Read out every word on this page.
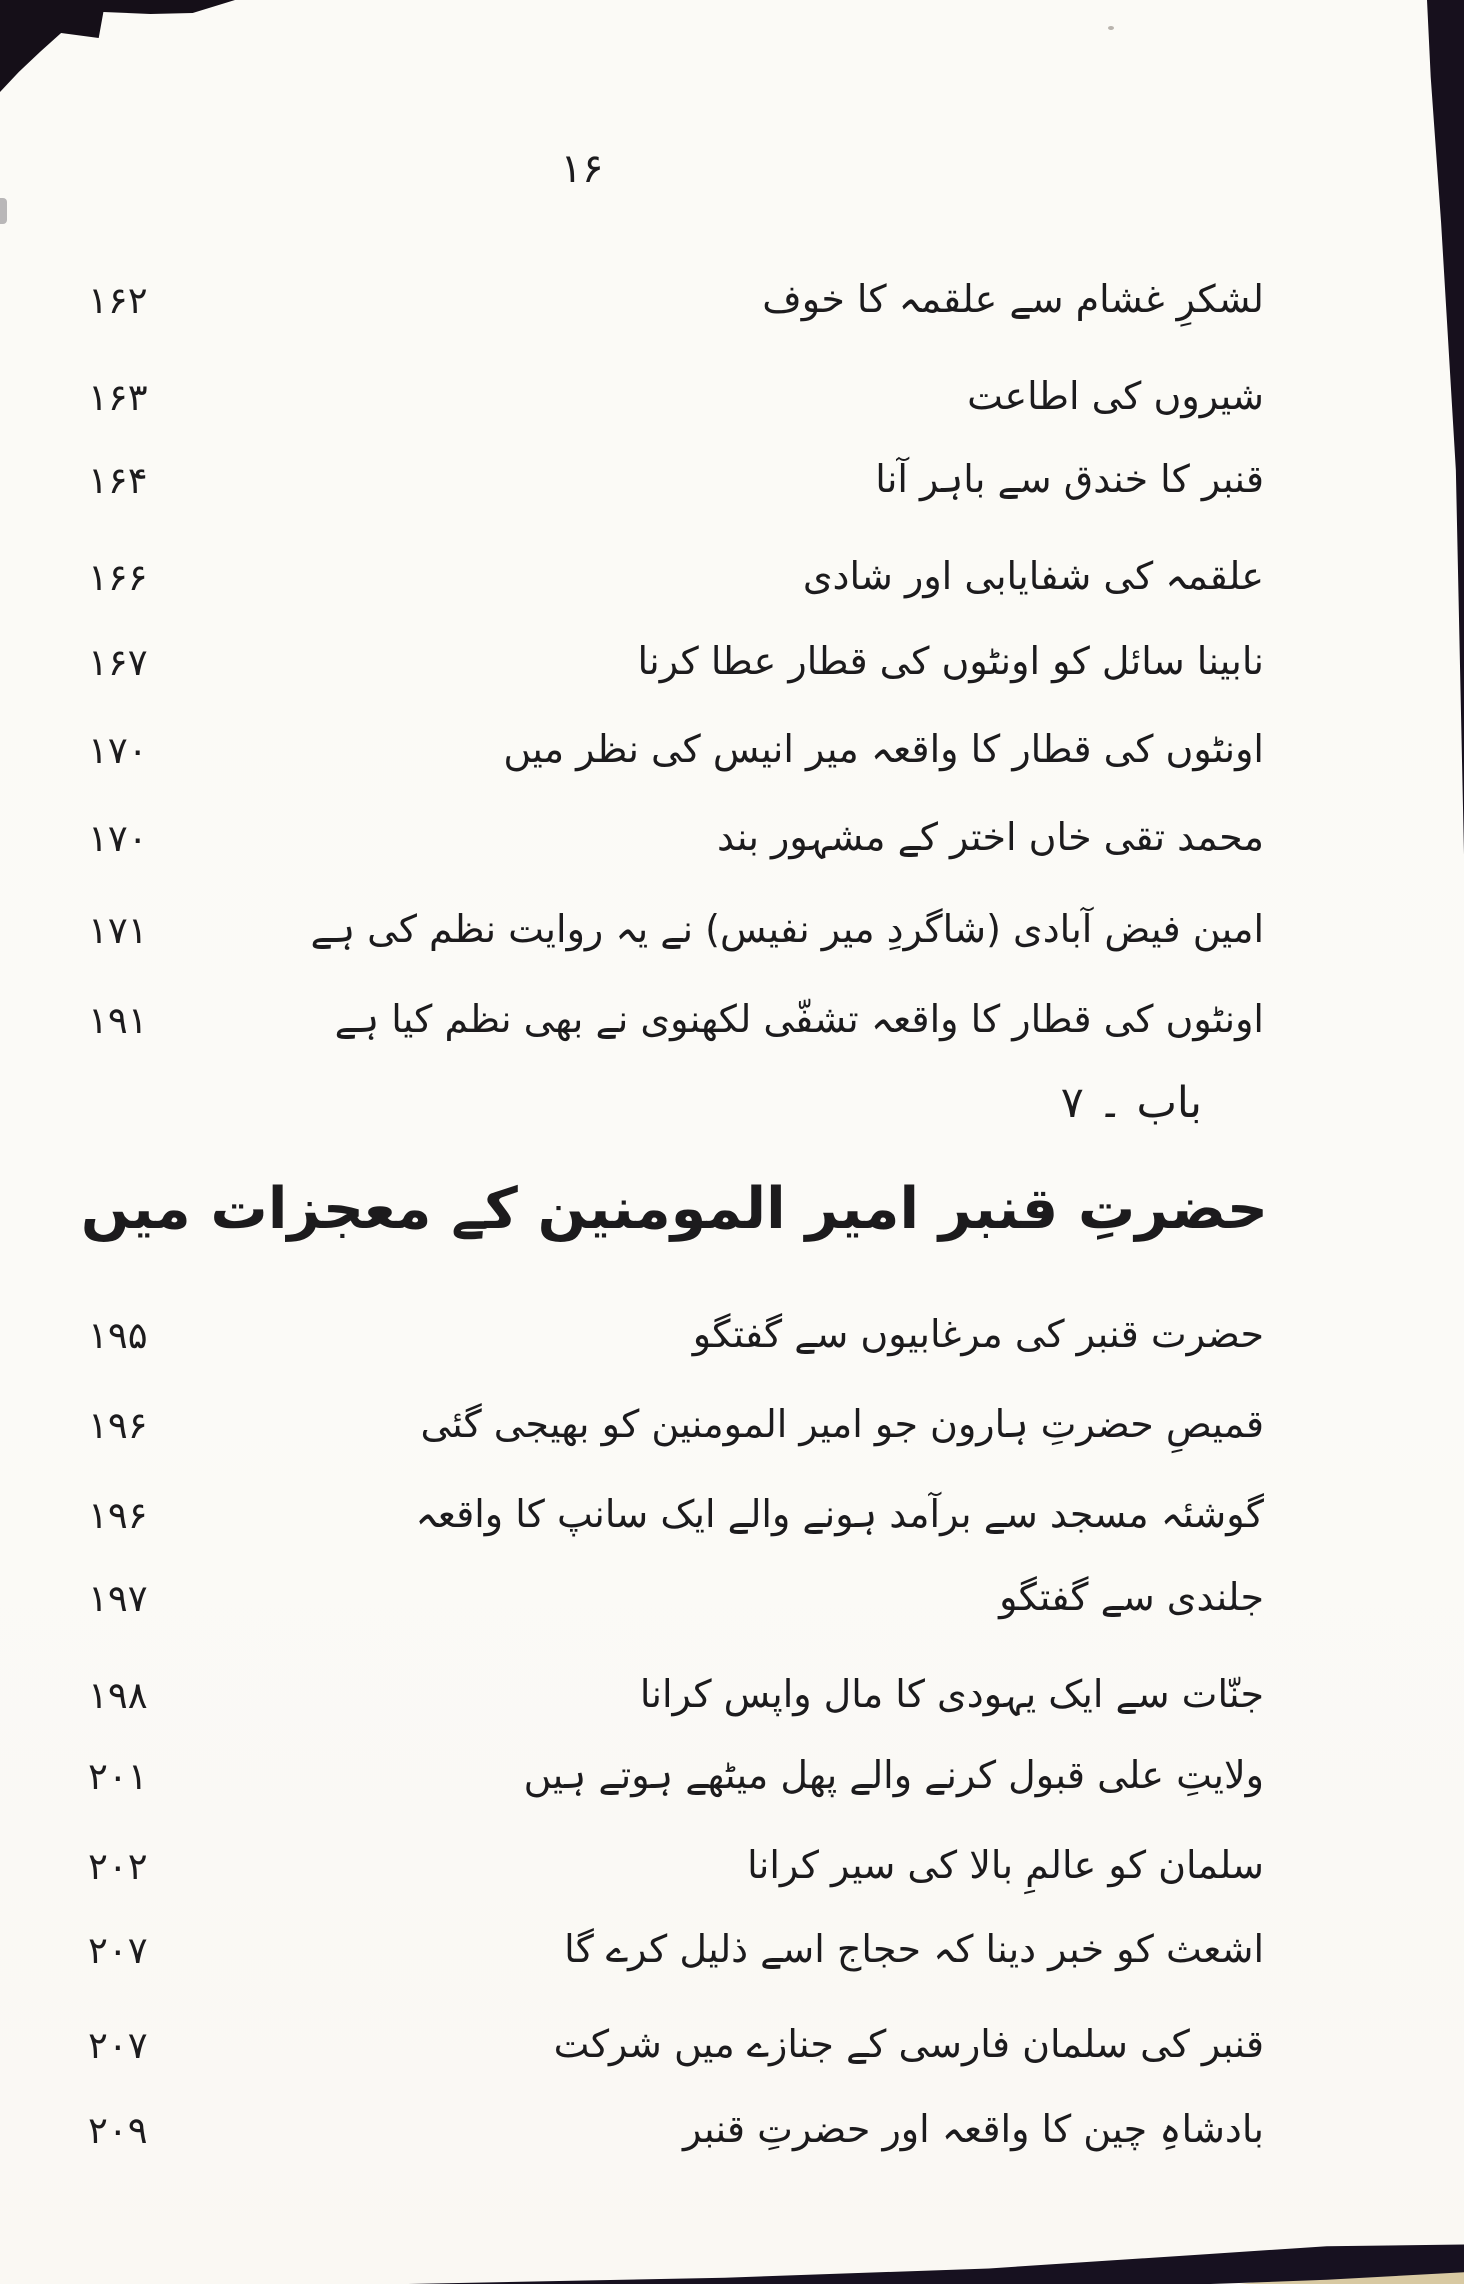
۱۶
لشکرِ غشام سے علقمہ کا خوف
۱۶۲
شیروں کی اطاعت
۱۶۳
قنبر کا خندق سے باہر آنا
۱۶۴
علقمہ کی شفایابی اور شادی
۱۶۶
نابینا سائل کو اونٹوں کی قطار عطا کرنا
۱۶۷
اونٹوں کی قطار کا واقعہ میر انیس کی نظر میں
۱۷۰
محمد تقی خاں اختر کے مشہور بند
۱۷۰
امین فیض آبادی (شاگردِ میر نفیس) نے یہ روایت نظم کی ہے
۱۷۱
اونٹوں کی قطار کا واقعہ تشفّی لکھنوی نے بھی نظم کیا ہے
۱۹۱
باب ۔ ۷
حضرتِ قنبر امیر المومنین کے معجزات میں
حضرت قنبر کی مرغابیوں سے گفتگو
۱۹۵
قمیصِ حضرتِ ہارون جو امیر المومنین کو بھیجی گئی
۱۹۶
گوشئہ مسجد سے برآمد ہونے والے ایک سانپ کا واقعہ
۱۹۶
جلندی سے گفتگو
۱۹۷
جنّات سے ایک یہودی کا مال واپس کرانا
۱۹۸
ولایتِ علی قبول کرنے والے پھل میٹھے ہوتے ہیں
۲۰۱
سلمان کو عالمِ بالا کی سیر کرانا
۲۰۲
اشعث کو خبر دینا کہ حجاج اسے ذلیل کرے گا
۲۰۷
قنبر کی سلمان فارسی کے جنازے میں شرکت
۲۰۷
بادشاہِ چین کا واقعہ اور حضرتِ قنبر
۲۰۹
